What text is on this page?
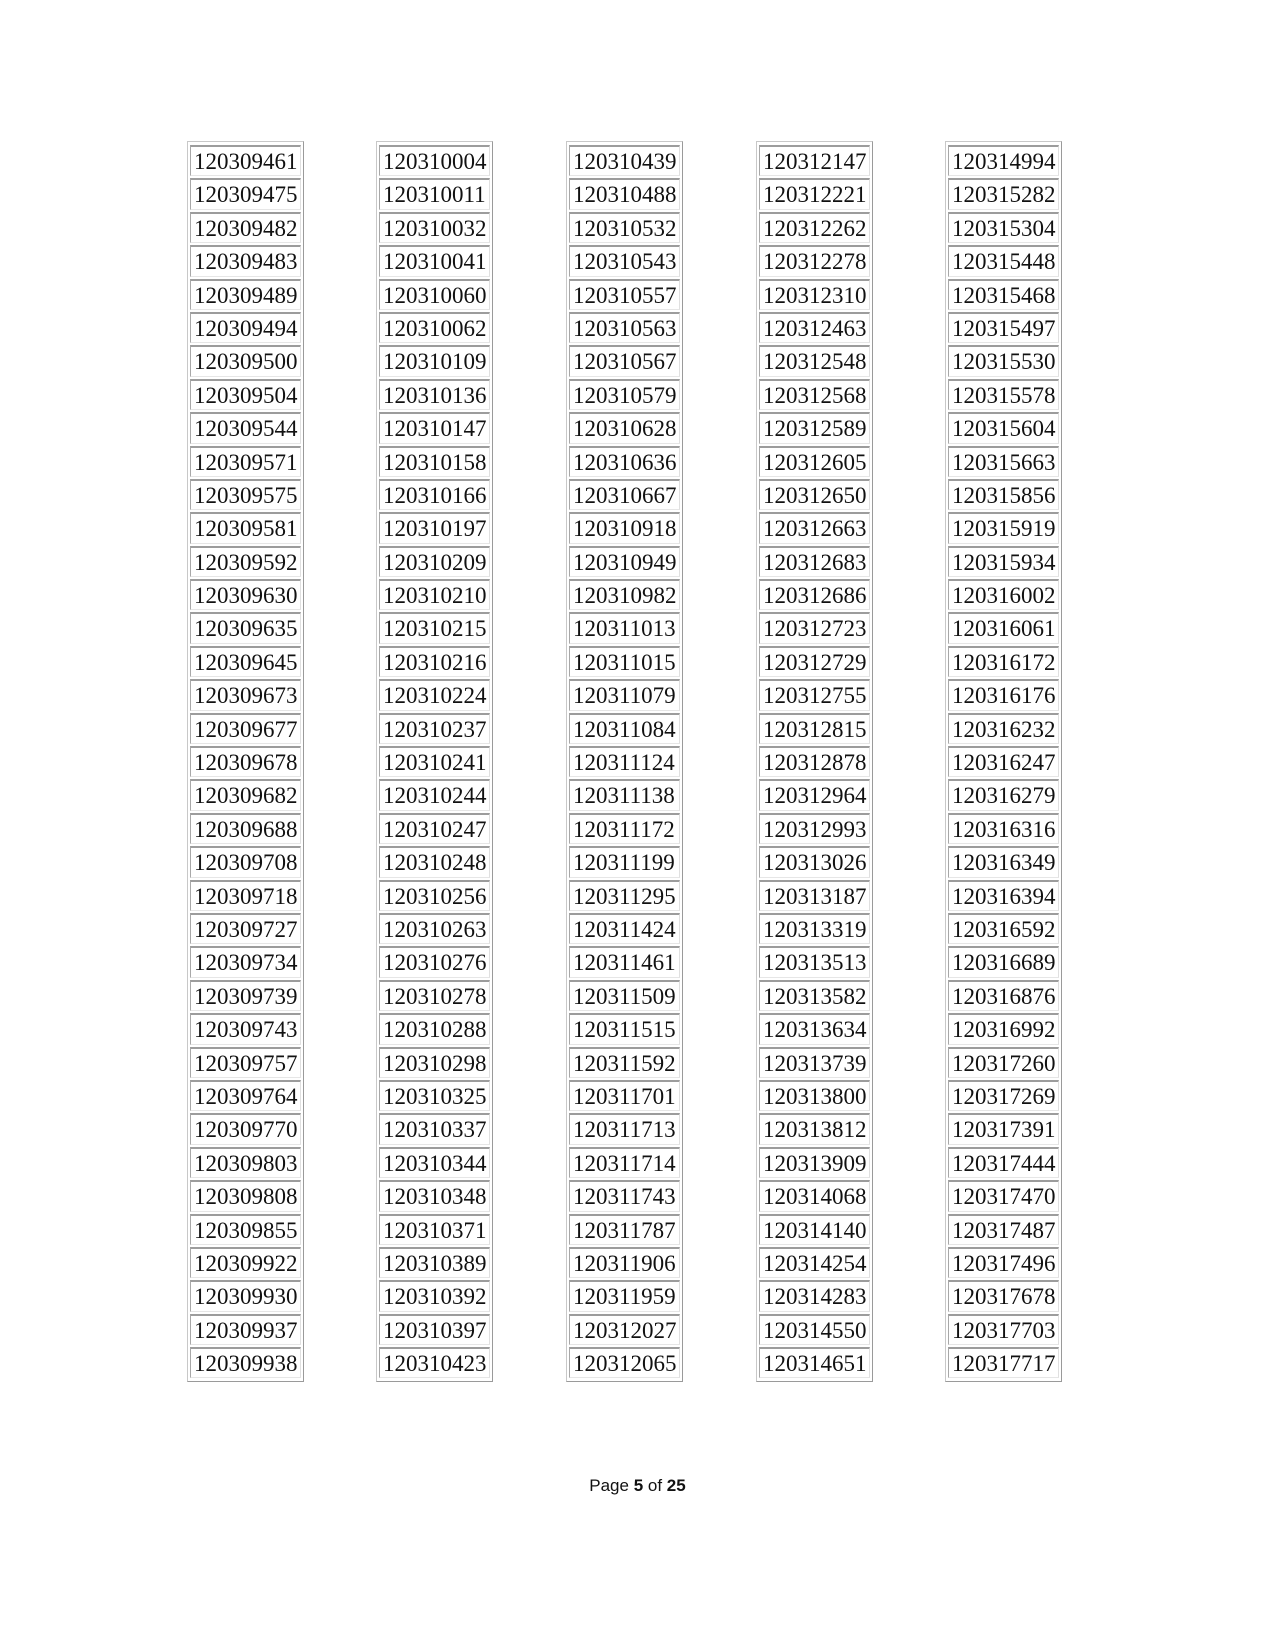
120309461
120309475
120309482
120309483
120309489
120309494
120309500
120309504
120309544
120309571
120309575
120309581
120309592
120309630
120309635
120309645
120309673
120309677
120309678
120309682
120309688
120309708
120309718
120309727
120309734
120309739
120309743
120309757
120309764
120309770
120309803
120309808
120309855
120309922
120309930
120309937
120309938
120310004
120310011
120310032
120310041
120310060
120310062
120310109
120310136
120310147
120310158
120310166
120310197
120310209
120310210
120310215
120310216
120310224
120310237
120310241
120310244
120310247
120310248
120310256
120310263
120310276
120310278
120310288
120310298
120310325
120310337
120310344
120310348
120310371
120310389
120310392
120310397
120310423
120310439
120310488
120310532
120310543
120310557
120310563
120310567
120310579
120310628
120310636
120310667
120310918
120310949
120310982
120311013
120311015
120311079
120311084
120311124
120311138
120311172
120311199
120311295
120311424
120311461
120311509
120311515
120311592
120311701
120311713
120311714
120311743
120311787
120311906
120311959
120312027
120312065
120312147
120312221
120312262
120312278
120312310
120312463
120312548
120312568
120312589
120312605
120312650
120312663
120312683
120312686
120312723
120312729
120312755
120312815
120312878
120312964
120312993
120313026
120313187
120313319
120313513
120313582
120313634
120313739
120313800
120313812
120313909
120314068
120314140
120314254
120314283
120314550
120314651
120314994
120315282
120315304
120315448
120315468
120315497
120315530
120315578
120315604
120315663
120315856
120315919
120315934
120316002
120316061
120316172
120316176
120316232
120316247
120316279
120316316
120316349
120316394
120316592
120316689
120316876
120316992
120317260
120317269
120317391
120317444
120317470
120317487
120317496
120317678
120317703
120317717
Page 5 of 25
